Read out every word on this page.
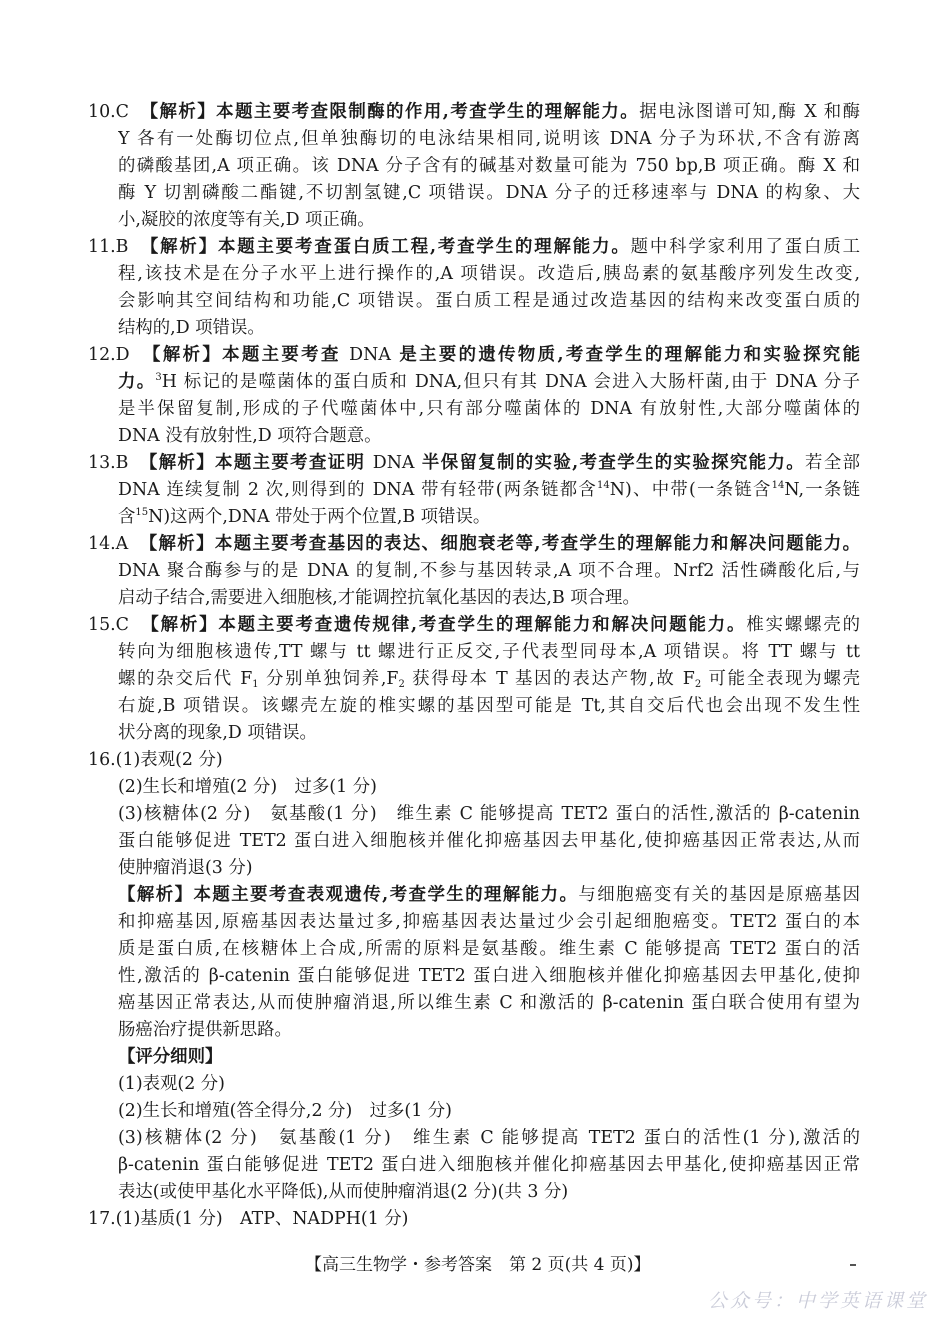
10.C　【解析】本题主要考查限制酶的作用,考查学生的理解能力。据电泳图谱可知,酶 X 和酶
Y 各有一处酶切位点,但单独酶切的电泳结果相同,说明该 DNA 分子为环状,不含有游离
的磷酸基团,A 项正确。该 DNA 分子含有的碱基对数量可能为 750 bp,B 项正确。酶 X 和
酶 Y 切割磷酸二酯键,不切割氢键,C 项错误。DNA 分子的迁移速率与 DNA 的构象、大
小,凝胶的浓度等有关,D 项正确。
11.B　【解析】本题主要考查蛋白质工程,考查学生的理解能力。题中科学家利用了蛋白质工
程,该技术是在分子水平上进行操作的,A 项错误。改造后,胰岛素的氨基酸序列发生改变,
会影响其空间结构和功能,C 项错误。蛋白质工程是通过改造基因的结构来改变蛋白质的
结构的,D 项错误。
12.D　【解析】本题主要考查 DNA 是主要的遗传物质,考查学生的理解能力和实验探究能
力。$^3$H 标记的是噬菌体的蛋白质和 DNA,但只有其 DNA 会进入大肠杆菌,由于 DNA 分子
是半保留复制,形成的子代噬菌体中,只有部分噬菌体的 DNA 有放射性,大部分噬菌体的
DNA 没有放射性,D 项符合题意。
13.B　【解析】本题主要考查证明 DNA 半保留复制的实验,考查学生的实验探究能力。若全部
DNA 连续复制 2 次,则得到的 DNA 带有轻带(两条链都含$^{14}$N)、中带(一条链含$^{14}$N,一条链
含$^{15}$N)这两个,DNA 带处于两个位置,B 项错误。
14.A　【解析】本题主要考查基因的表达、细胞衰老等,考查学生的理解能力和解决问题能力。
DNA 聚合酶参与的是 DNA 的复制,不参与基因转录,A 项不合理。Nrf2 活性磷酸化后,与
启动子结合,需要进入细胞核,才能调控抗氧化基因的表达,B 项合理。
15.C　【解析】本题主要考查遗传规律,考查学生的理解能力和解决问题能力。椎实螺螺壳的
转向为细胞核遗传,TT 螺与 tt 螺进行正反交,子代表型同母本,A 项错误。将 TT 螺与 tt
螺的杂交后代 $F_1$ 分别单独饲养$,F_2$ 获得母本 T 基因的表达产物,故 $F_2$ 可能全表现为螺壳
右旋,B 项错误。该螺壳左旋的椎实螺的基因型可能是 Tt,其自交后代也会出现不发生性
状分离的现象,D 项错误。
16.(1)表观(2 分)
(2)生长和增殖(2 分)　过多(1 分)
(3)核糖体(2 分)　氨基酸(1 分)　维生素 C 能够提高 TET2 蛋白的活性,激活的 β-catenin
蛋白能够促进 TET2 蛋白进入细胞核并催化抑癌基因去甲基化,使抑癌基因正常表达,从而
使肿瘤消退(3 分)
【解析】本题主要考查表观遗传,考查学生的理解能力。与细胞癌变有关的基因是原癌基因
和抑癌基因,原癌基因表达量过多,抑癌基因表达量过少会引起细胞癌变。TET2 蛋白的本
质是蛋白质,在核糖体上合成,所需的原料是氨基酸。维生素 C 能够提高 TET2 蛋白的活
性,激活的 β-catenin 蛋白能够促进 TET2 蛋白进入细胞核并催化抑癌基因去甲基化,使抑
癌基因正常表达,从而使肿瘤消退,所以维生素 C 和激活的 β-catenin 蛋白联合使用有望为
肠癌治疗提供新思路。
【评分细则】
(1)表观(2 分)
(2)生长和增殖(答全得分,2 分)　过多(1 分)
(3)核糖体(2 分)　氨基酸(1 分)　维生素 C 能够提高 TET2 蛋白的活性(1 分),激活的
β-catenin 蛋白能够促进 TET2 蛋白进入细胞核并催化抑癌基因去甲基化,使抑癌基因正常
表达(或使甲基化水平降低),从而使肿瘤消退(2 分)(共 3 分)
17.(1)基质(1 分)　ATP、NADPH(1 分)
【高三生物学・参考答案　第 2 页(共 4 页)】
公众号：中学英语课堂
